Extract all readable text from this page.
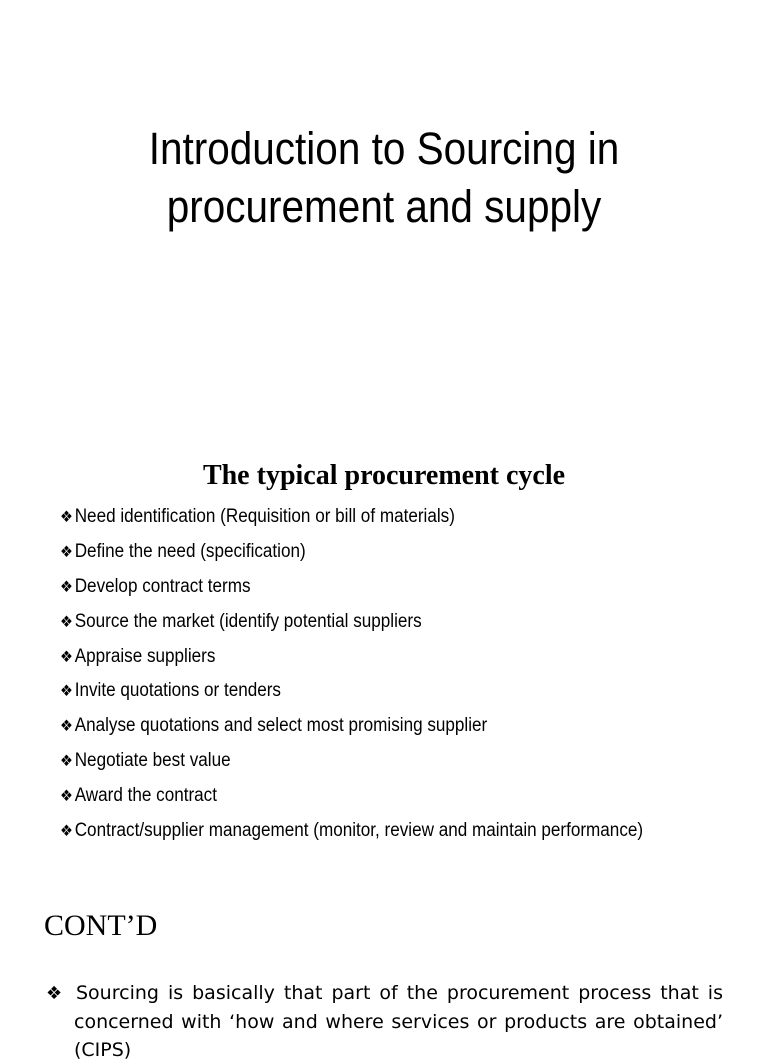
Introduction to Sourcing in
procurement and supply
The typical procurement cycle
❖Need identification (Requisition or bill of materials)
❖Define the need (specification)
❖Develop contract terms
❖Source the market (identify potential suppliers
❖Appraise suppliers
❖Invite quotations or tenders
❖Analyse quotations and select most promising supplier
❖Negotiate best value
❖Award the contract
❖Contract/supplier management (monitor, review and maintain performance)
CONT’D

❖ Sourcing is basically that part of the procurement process that is concerned with ‘how and where services or products are obtained’ (CIPS)
